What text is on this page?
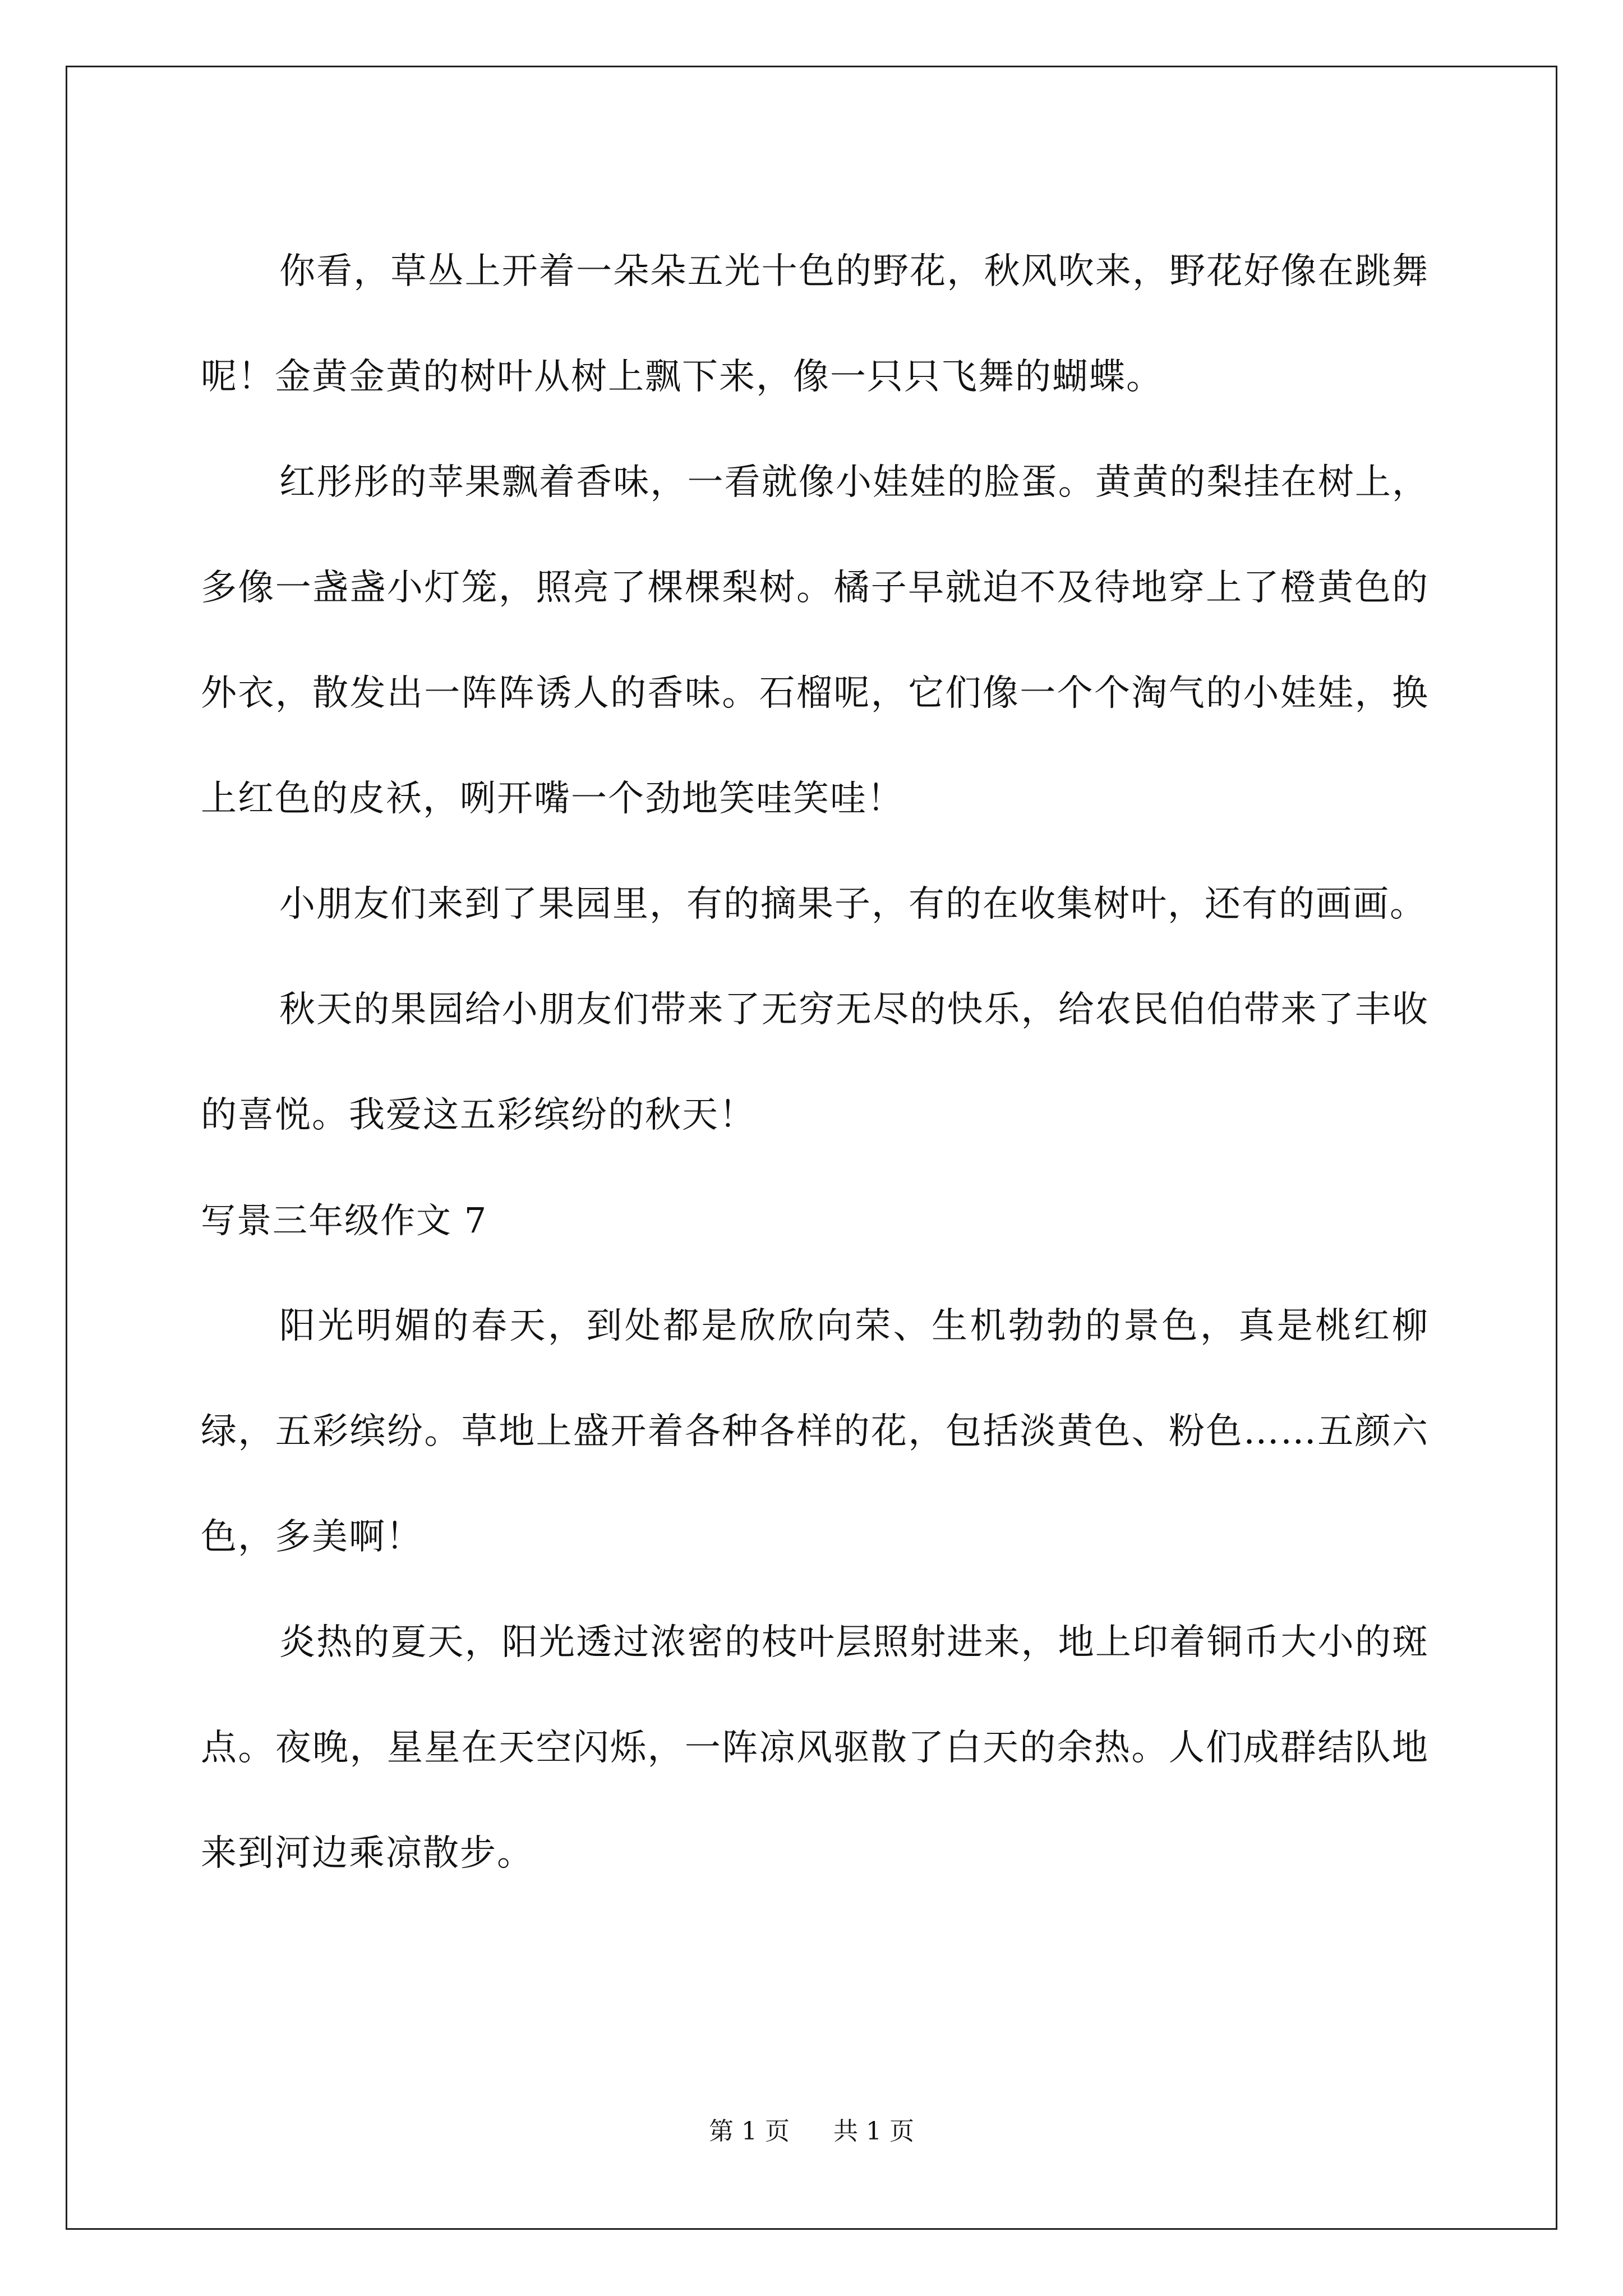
你看，草丛上开着一朵朵五光十色的野花，秋风吹来，野花好像在跳舞呢！金黄金黄的树叶从树上飘下来，像一只只飞舞的蝴蝶。

红彤彤的苹果飘着香味，一看就像小娃娃的脸蛋。黄黄的梨挂在树上，多像一盏盏小灯笼，照亮了棵棵梨树。橘子早就迫不及待地穿上了橙黄色的外衣，散发出一阵阵诱人的香味。石榴呢，它们像一个个淘气的小娃娃，换上红色的皮袄，咧开嘴一个劲地笑哇笑哇！

小朋友们来到了果园里，有的摘果子，有的在收集树叶，还有的画画。

秋天的果园给小朋友们带来了无穷无尽的快乐，给农民伯伯带来了丰收的喜悦。我爱这五彩缤纷的秋天！

写景三年级作文 7

阳光明媚的春天，到处都是欣欣向荣、生机勃勃的景色，真是桃红柳绿，五彩缤纷。草地上盛开着各种各样的花，包括淡黄色、粉色……五颜六色，多美啊！

炎热的夏天，阳光透过浓密的枝叶层照射进来，地上印着铜币大小的斑点。夜晚，星星在天空闪烁，一阵凉风驱散了白天的余热。人们成群结队地来到河边乘凉散步。

第 1 页 共 1 页
